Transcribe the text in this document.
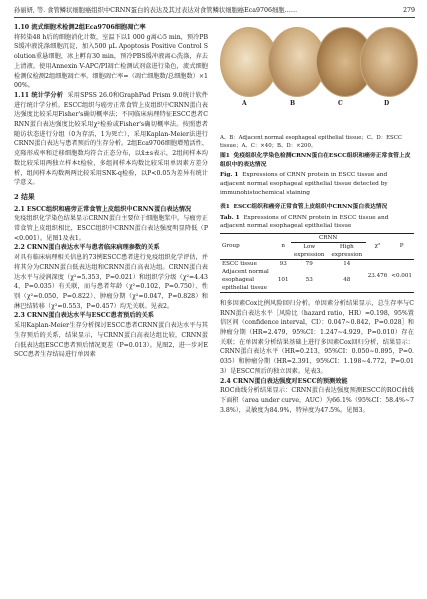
孙丽妍, 等. 食管鳞状细胞癌组织中CRNN蛋白的表达及其过表达对食管鳞状细胞癌Eca9706细胞……	279

1.10 流式细胞术检测2组Eca9706细胞凋亡率

将转染48 h后的细胞消化计数，室温下以1 000 g离心5 min，预冷PBS缓冲液洗涤细胞沉淀，加入500 μL Apoptosis Positive Control Solution重悬细胞，冰上孵育30 min，预冷PBS缓冲液离心洗涤，弃去上清液。使用Annexin V-APC/PI凋亡检测试剂盒进行染色，流式细胞检测仪检测2组细胞凋亡率。细胞凋亡率=（凋亡细胞数/总细胞数）×100%。

1.11 统计学分析 采用SPSS 26.0和GraphPad Prism 9.0统计软件进行统计学分析。ESCC组织与癌旁正常食管上皮组织中CRNN蛋白表达强度比较采用Fisher's确切概率法；不同临床病理特征ESCC患者CRNN蛋白表达强度比较采用χ²检验或Fisher's确切概率法。按照患者随访状态进行分组（0为存活，1为死亡），采用Kaplan-Meier法进行CRNN蛋白表达与患者预后的生存分析。2组Eca9706细胞增殖活性、克隆形成率和迁移细胞数均符合正态分布，以x̄±s表示，2组间样本均数比较采用两独立样本t检验，多组间样本均数比较采用单因素方差分析，组间样本均数两两比较采用SNK-q检验，以P<0.05为差异有统计学意义。

2 结果

2.1 ESCC组织和癌旁正常食管上皮组织中CRNN蛋白表达情况

免疫组织化学染色结果显示CRNN蛋白主要位于细胞胞浆中。与瘤旁正常食管上皮组织相比，ESCC组织中CRNN蛋白表达强度明显降低（P<0.001）。见图1及表1。

2.2 CRNN蛋白表达水平与患者临床病理参数的关系

对具有临床病理相关信息的73例ESCC患者进行免疫组织化学评估，并将其分为CRNN蛋白低表达组和CRNN蛋白高表达组。CRNN蛋白表达水平与浸润深度（χ²=5.353，P=0.021）和组织学分级（χ²=4.434，P=0.035）有关联，而与患者年龄（χ²=0.102，P=0.750）、性别（χ²=0.050，P=0.822）、肿瘤分期（χ²=0.047，P=0.828）和淋巴结转移（χ²=0.553，P=0.457）均无关联。见表2。

2.3 CRNN蛋白表达水平与ESCC患者预后的关系

采用Kaplan-Meier生存分析探讨ESCC患者CRNN蛋白表达水平与其生存预后的关系，结果显示，与CRNN蛋白高表达组比较，CRNN蛋白低表达组ESCC患者预后情况更差（P=0.013）。见图2，进一步对ESCC患者生存结局进行单因素

A	B	C	D

A、B：Adjacent normal esophageal epithelial tissue；C、D：ESCC tissue；A、C：×40；B、D：×200。

图1 免疫组织化学染色检测CRNN蛋白在ESCC组织和癌旁正常食管上皮组织中的表达情况

Fig. 1 Expressions of CRNN protein in ESCC tissue and adjacent normal esophageal epithelial tissue detected by immunohistochemical staining

表1 ESCC组织和癌旁正常食管上皮组织中CRNN蛋白表达情况

Tab. 1 Expressions of CRNN protein in ESCC tissue and adjacent normal esophageal epithelial tissue

Group	n	CRNN		χ²	P
		Low expression	High expression		
ESCC tissue	93	79	14	23.476	<0.001
Adjacent normal esophageal epithelial tissue	101	53	48		

和多因素Cox比例风险回归分析。单因素分析结果显示，总生存率与CRNN蛋白表达水平［风险比（hazard ratio，HR）=0.198，95%置信区间（confidence interval，CI）：0.047~0.842，P=0.028］和肿瘤分期（HR=2.479，95%CI：1.247~4.929，P=0.010）存在关联；在单因素分析结果基础上进行多因素Cox回归分析，结果显示：CRNN蛋白表达水平（HR=0.213，95%CI：0.050~0.895，P=0.035）和肿瘤分期（HR=2.391，95%CI：1.198~4.772，P=0.013）是ESCC预后的独立因素。见表3。

2.4 CRNN蛋白表达强度对ESCC的预测效能

ROC曲线分析结果显示：CRNN蛋白表达强度预测ESCC的ROC曲线下面积（area under curve，AUC）为66.1%（95%CI：58.4%~73.8%），灵敏度为84.9%，特异度为47.5%。见图3。
